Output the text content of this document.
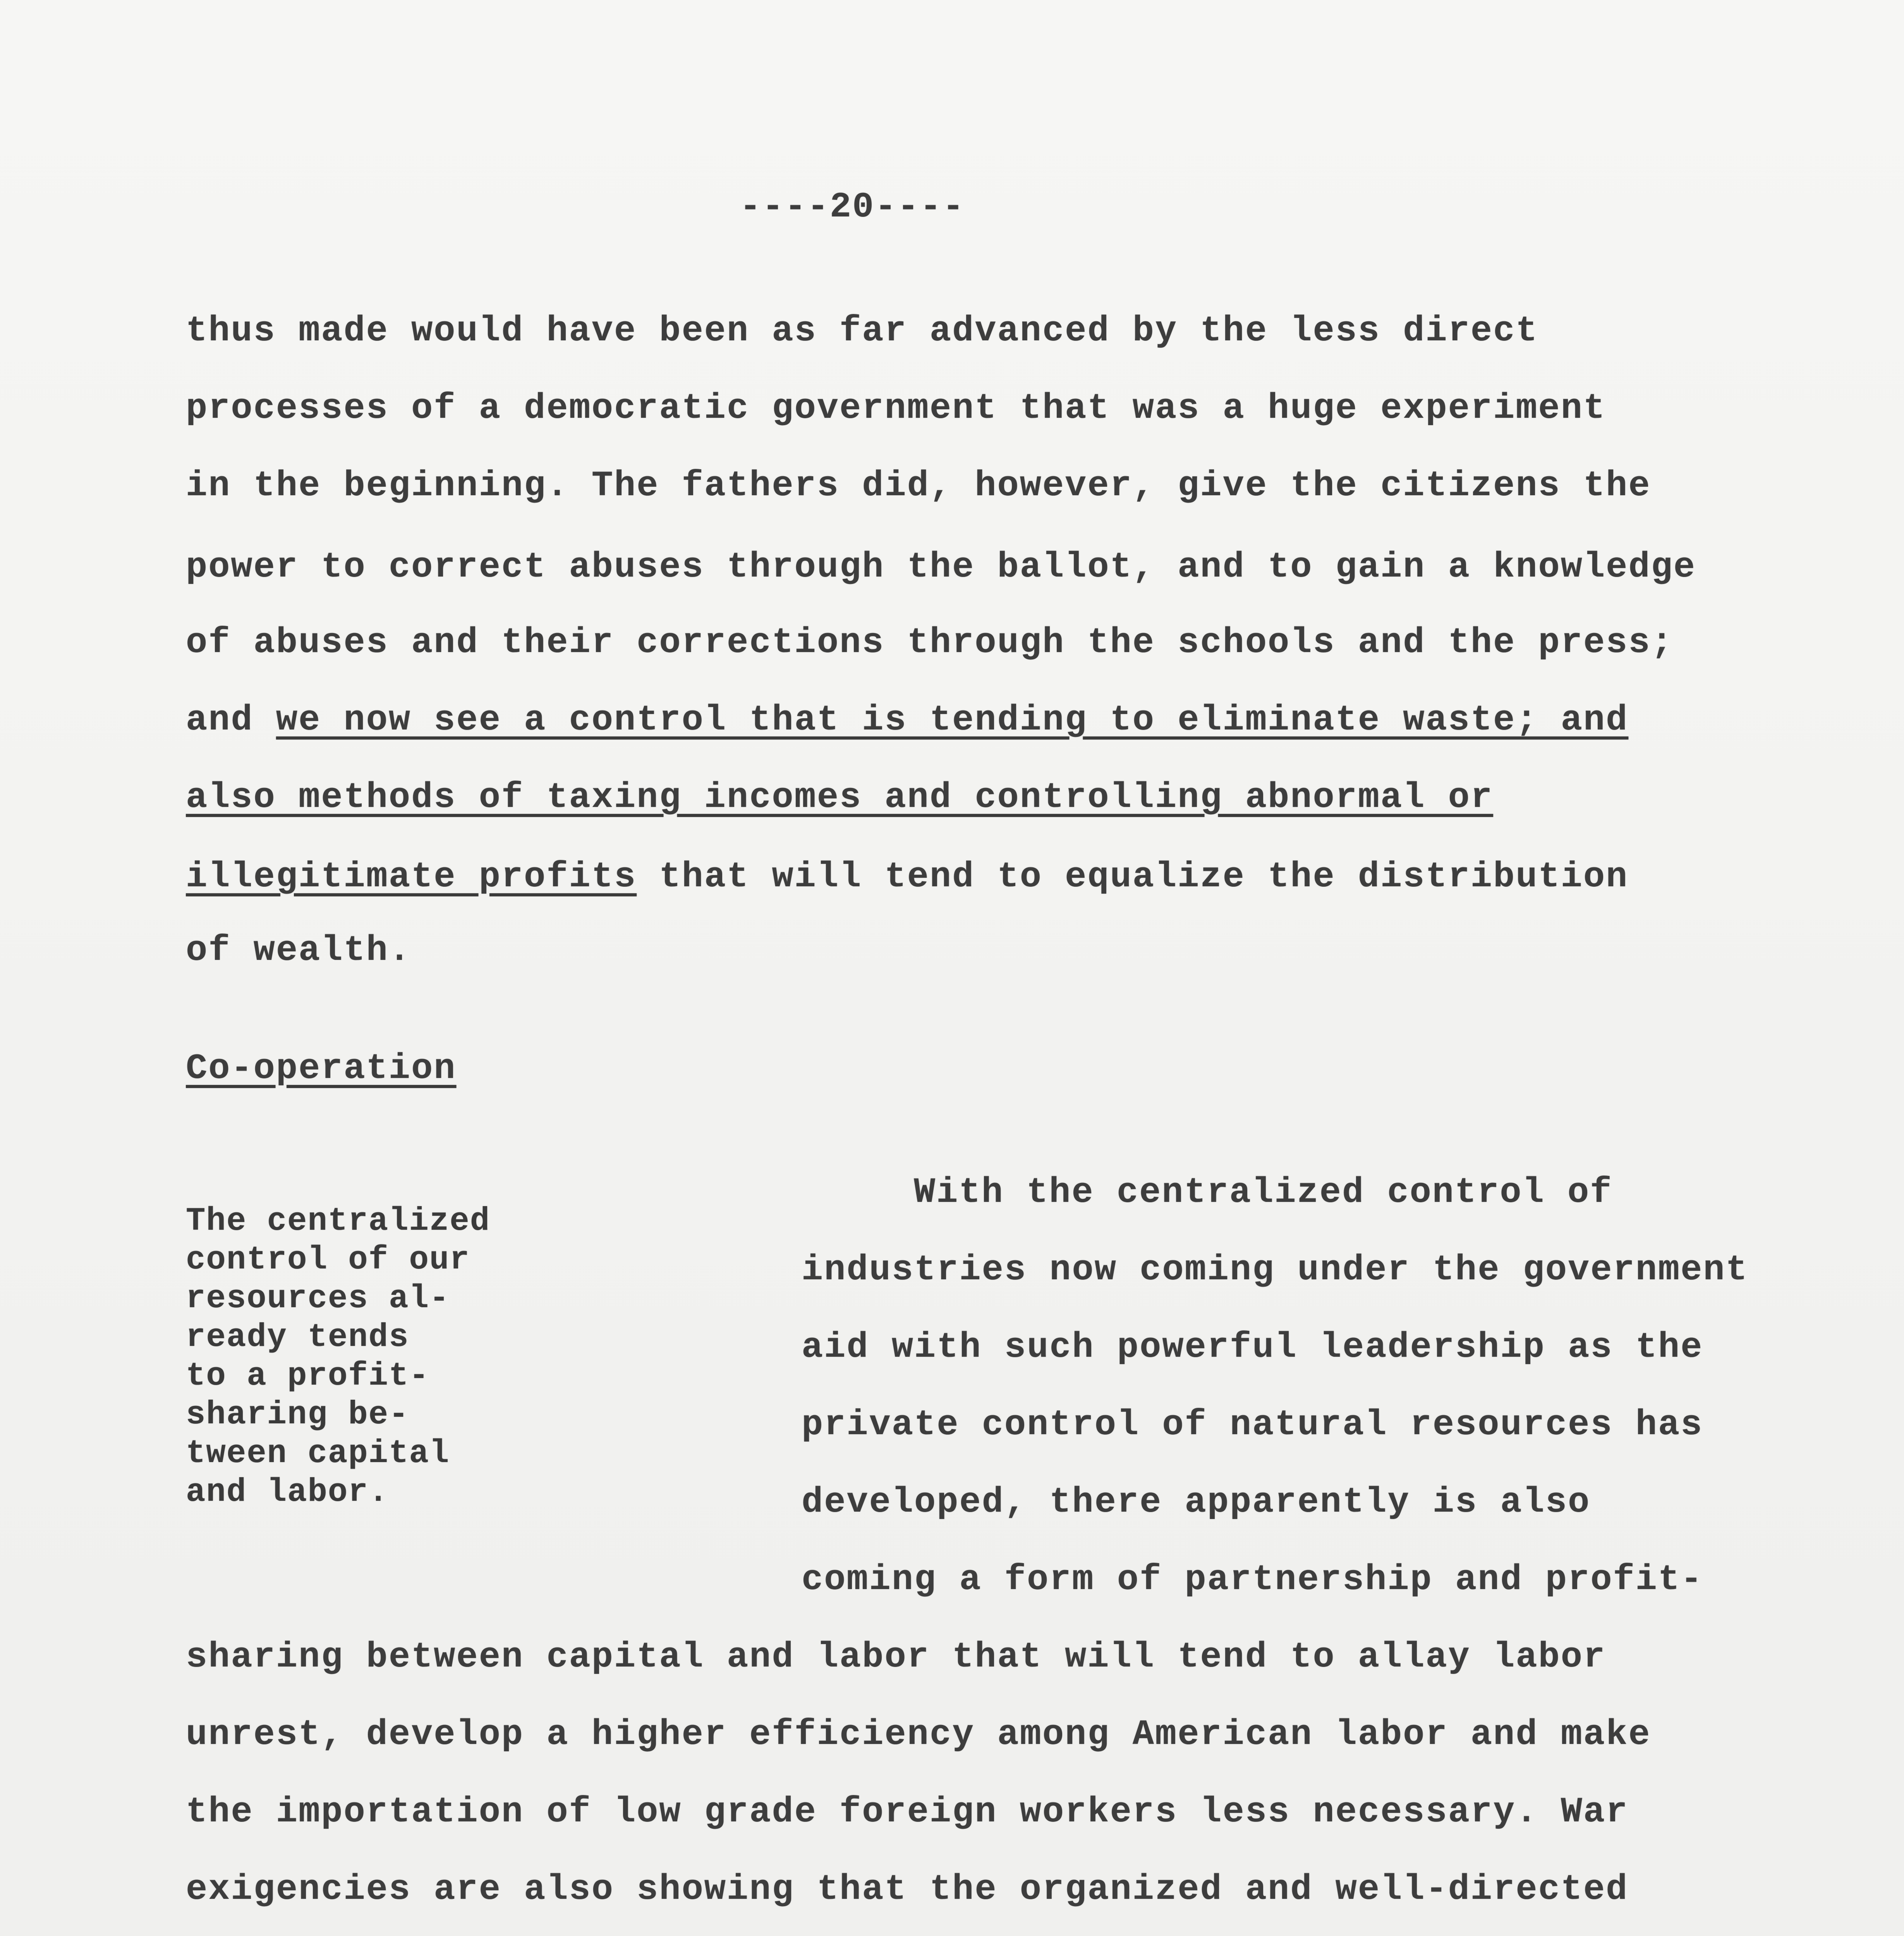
----20----
thus made would have been as far advanced by the less direct
processes of a democratic government that was a huge experiment
in the beginning. The fathers did, however, give the citizens the
power to correct abuses through the ballot, and to gain a knowledge
of abuses and their corrections through the schools and the press;
and we now see a control that is tending to eliminate waste; and
also methods of taxing incomes and controlling abnormal or
illegitimate profits that will tend to equalize the distribution
of wealth.
Co-operation
The centralized
control of our
resources al-
ready tends
to a profit-
sharing be-
tween capital
and labor.
With the centralized control of
industries now coming under the government
aid with such powerful leadership as the
private control of natural resources has
developed, there apparently is also
coming a form of partnership and profit-
sharing between capital and labor that will tend to allay labor
unrest, develop a higher efficiency among American labor and make
the importation of low grade foreign workers less necessary. War
exigencies are also showing that the organized and well-directed
